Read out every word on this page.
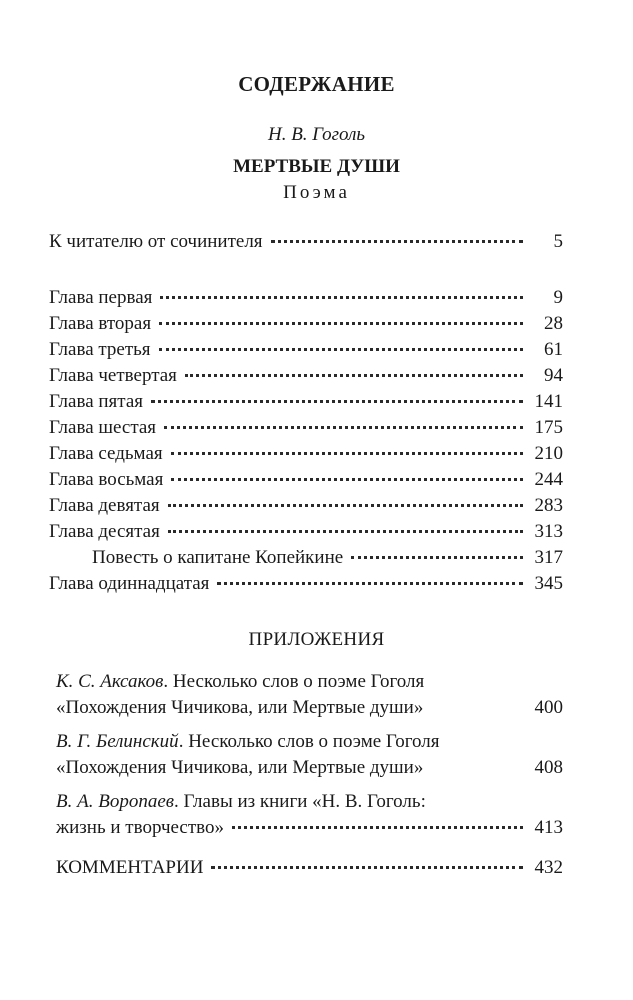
СОДЕРЖАНИЕ
Н. В. Гоголь
МЕРТВЫЕ ДУШИ
Поэма
К читателю от сочинителя	5
Глава первая	9
Глава вторая	28
Глава третья	61
Глава четвертая	94
Глава пятая	141
Глава шестая	175
Глава седьмая	210
Глава восьмая	244
Глава девятая	283
Глава десятая	313
Повесть о капитане Копейкине	317
Глава одиннадцатая	345
ПРИЛОЖЕНИЯ
К. С. Аксаков. Несколько слов о поэме Гоголя
«Похождения Чичикова, или Мертвые души»	400
В. Г. Белинский. Несколько слов о поэме Гоголя
«Похождения Чичикова, или Мертвые души»	408
В. А. Воропаев. Главы из книги «Н. В. Гоголь:
жизнь и творчество»	413
КОММЕНТАРИИ	432
